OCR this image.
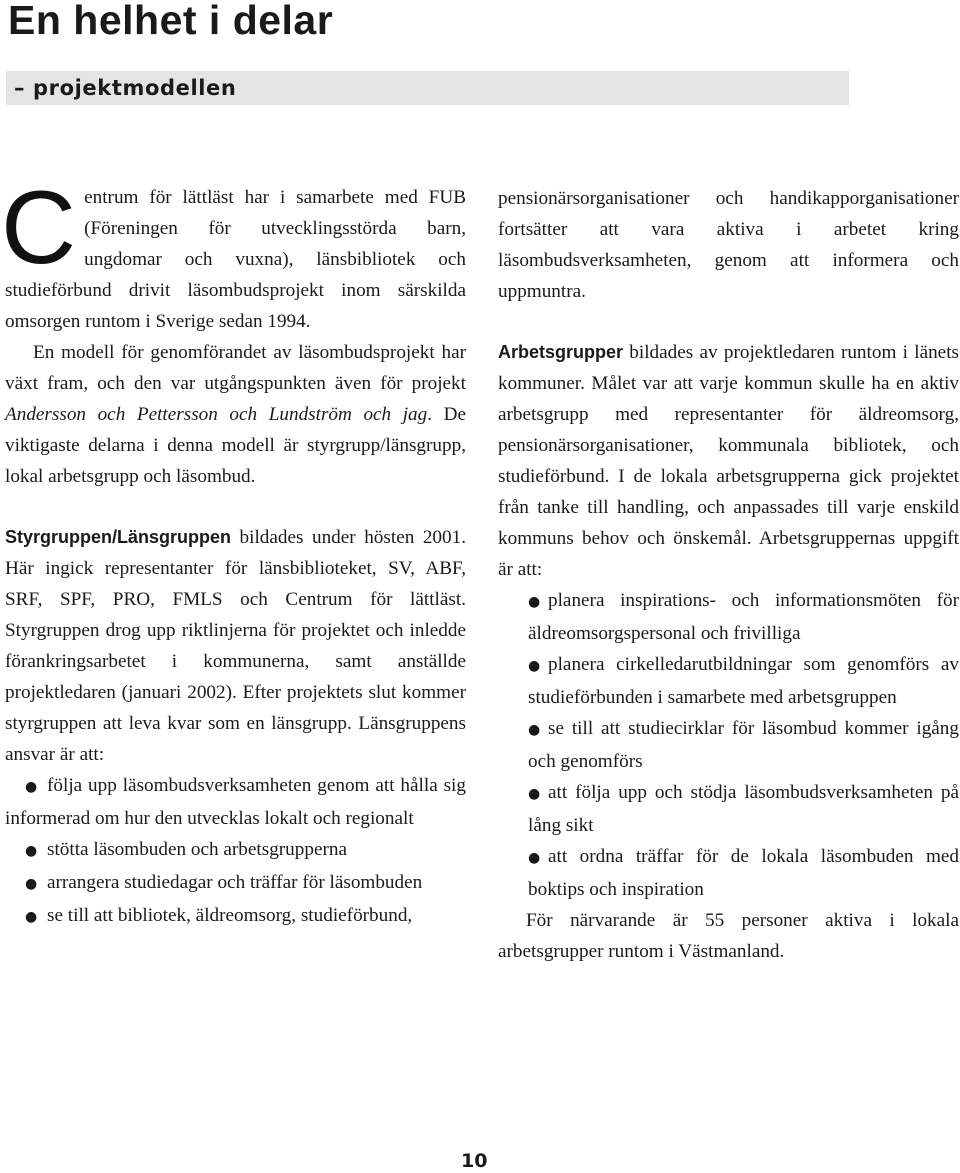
En helhet i delar
– projektmodellen

Centrum för lättläst har i samarbete med FUB (Föreningen för utvecklingsstörda barn, ungdomar och vuxna), länsbibliotek och studieförbund drivit läsombudsprojekt inom särskilda omsorgen runtom i Sverige sedan 1994.

En modell för genomförandet av läsombudsprojekt har växt fram, och den var utgångspunkten även för projekt Andersson och Pettersson och Lundström och jag. De viktigaste delarna i denna modell är styrgrupp/länsgrupp, lokal arbetsgrupp och läsombud.

Styrgruppen/Länsgruppen bildades under hösten 2001. Här ingick representanter för länsbiblioteket, SV, ABF, SRF, SPF, PRO, FMLS och Centrum för lättläst. Styrgruppen drog upp riktlinjerna för projektet och inledde förankringsarbetet i kommunerna, samt anställde projektledaren (januari 2002). Efter projektets slut kommer styrgruppen att leva kvar som en länsgrupp. Länsgruppens ansvar är att:

● följa upp läsombudsverksamheten genom att hålla sig informerad om hur den utvecklas lokalt och regionalt
● stötta läsombuden och arbetsgrupperna
● arrangera studiedagar och träffar för läsombuden
● se till att bibliotek, äldreomsorg, studieförbund,

pensionärsorganisationer och handikapporganisationer fortsätter att vara aktiva i arbetet kring läsombudsverksamheten, genom att informera och uppmuntra.

Arbetsgrupper bildades av projektledaren runtom i länets kommuner. Målet var att varje kommun skulle ha en aktiv arbetsgrupp med representanter för äldreomsorg, pensionärsorganisationer, kommunala bibliotek, och studieförbund. I de lokala arbetsgrupperna gick projektet från tanke till handling, och anpassades till varje enskild kommuns behov och önskemål. Arbetsgruppernas uppgift är att:

● planera inspirations- och informationsmöten för äldreomsorgspersonal och frivilliga
● planera cirkelledarutbildningar som genomförs av studieförbunden i samarbete med arbetsgruppen
● se till att studiecirklar för läsombud kommer igång och genomförs
● att följa upp och stödja läsombudsverksamheten på lång sikt
● att ordna träffar för de lokala läsombuden med boktips och inspiration

För närvarande är 55 personer aktiva i lokala arbetsgrupper runtom i Västmanland.

10
